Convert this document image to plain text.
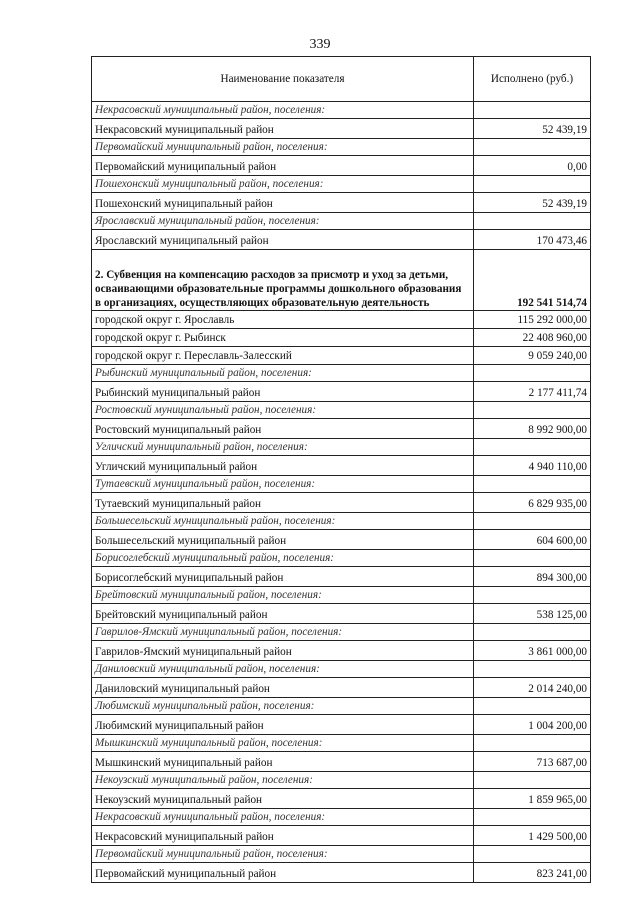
339
Наименование показателя	Исполнено (руб.)
Некрасовский муниципальный район, поселения:	
Некрасовский муниципальный район	52 439,19
Первомайский муниципальный район, поселения:	
Первомайский муниципальный район	0,00
Пошехонский муниципальный район, поселения:	
Пошехонский муниципальный район	52 439,19
Ярославский муниципальный район, поселения:	
Ярославский муниципальный район	170 473,46
2. Субвенция на компенсацию расходов за присмотр и уход за детьми, осваивающими образовательные программы дошкольного образования в организациях, осуществляющих образовательную деятельность	192 541 514,74
городской округ г. Ярославль	115 292 000,00
городской округ г. Рыбинск	22 408 960,00
городской округ г. Переславль-Залесский	9 059 240,00
Рыбинский муниципальный район, поселения:	
Рыбинский муниципальный район	2 177 411,74
Ростовский муниципальный район, поселения:	
Ростовский муниципальный район	8 992 900,00
Угличский муниципальный район, поселения:	
Угличский муниципальный район	4 940 110,00
Тутаевский муниципальный район, поселения:	
Тутаевский муниципальный район	6 829 935,00
Большесельский муниципальный район, поселения:	
Большесельский муниципальный район	604 600,00
Борисоглебский муниципальный район, поселения:	
Борисоглебский муниципальный район	894 300,00
Брейтовский муниципальный район, поселения:	
Брейтовский муниципальный район	538 125,00
Гаврилов-Ямский муниципальный район, поселения:	
Гаврилов-Ямский муниципальный район	3 861 000,00
Даниловский муниципальный район, поселения:	
Даниловский муниципальный район	2 014 240,00
Любимский муниципальный район, поселения:	
Любимский муниципальный район	1 004 200,00
Мышкинский муниципальный район, поселения:	
Мышкинский муниципальный район	713 687,00
Некоузский муниципальный район, поселения:	
Некоузский муниципальный район	1 859 965,00
Некрасовский муниципальный район, поселения:	
Некрасовский муниципальный район	1 429 500,00
Первомайский муниципальный район, поселения:	
Первомайский муниципальный район	823 241,00
